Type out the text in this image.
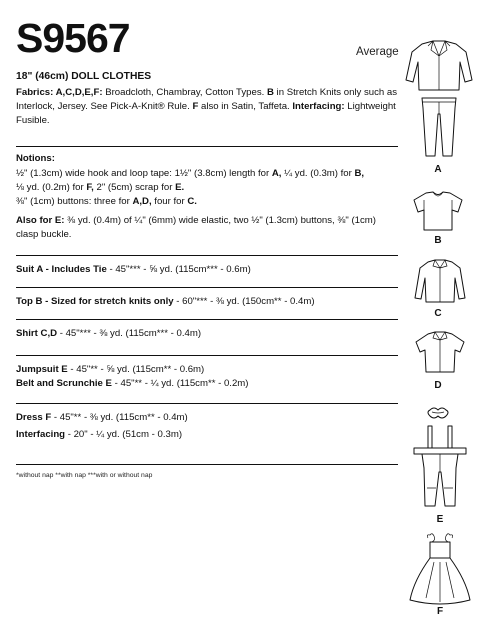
S9567	Average
18" (46cm) DOLL CLOTHES
Fabrics: A,C,D,E,F: Broadcloth, Chambray, Cotton Types. B in Stretch Knits only such as Interlock, Jersey. See Pick-A-Knit® Rule. F also in Satin, Taffeta. Interfacing: Lightweight Fusible.
Notions:
½" (1.3cm) wide hook and loop tape: 1½" (3.8cm) length for A, ¼ yd. (0.3m) for B,
⅛ yd. (0.2m) for F, 2" (5cm) scrap for E.
⅜" (1cm) buttons: three for A,D, four for C.
Also for E: ⅜ yd. (0.4m) of ¼" (6mm) wide elastic, two ½" (1.3cm) buttons, ⅜" (1cm)
clasp buckle.
Suit A - Includes Tie - 45"*** - ⅝ yd. (115cm*** - 0.6m)
Top B - Sized for stretch knits only - 60"*** - ⅜ yd. (150cm** - 0.4m)
Shirt C,D - 45"*** - ⅜ yd. (115cm*** - 0.4m)
Jumpsuit E - 45"** - ⅝ yd. (115cm** - 0.6m)
Belt and Scrunchie E - 45"** - ¼ yd. (115cm** - 0.2m)
Dress F - 45"** - ⅜ yd. (115cm** - 0.4m)
Interfacing - 20" - ¼ yd. (51cm - 0.3m)
*without nap **with nap ***with or without nap
A
B
C
D
E
F
